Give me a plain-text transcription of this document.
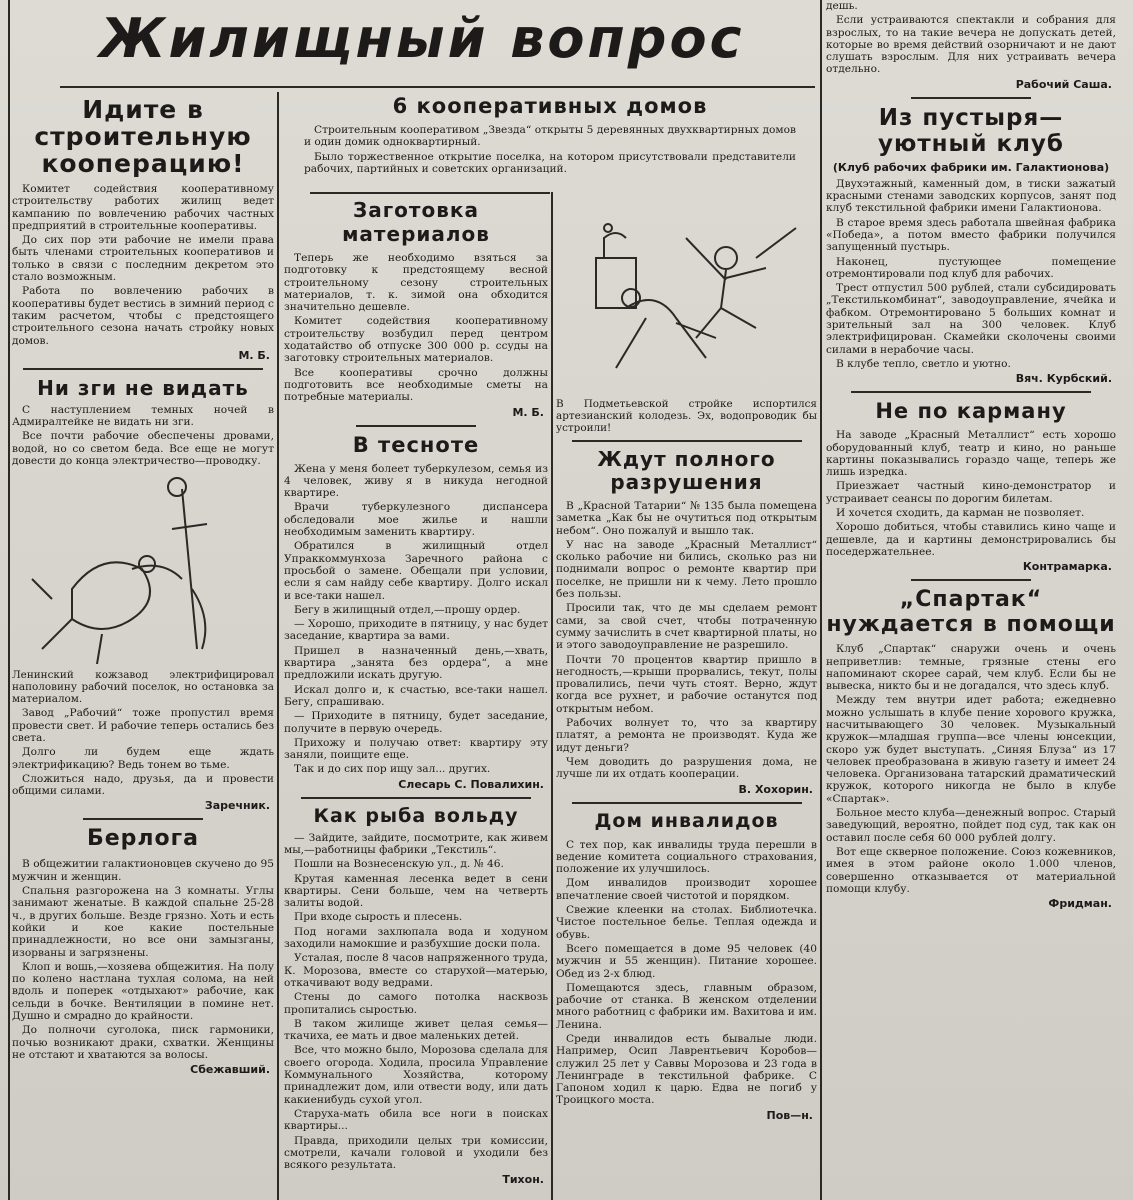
Жилищный вопрос
Идите в строительную кооперацию!

Комитет содействия кооперативному строительству работих жилищ ведет кампанию по вовлечению рабочих частных предприятий в строительные кооперативы.

До сих пор эти рабочие не имели права быть членами строительных кооперативов и только в связи с последним декретом это стало возможным.

Работа по вовлечению рабочих в кооперативы будет вестись в зимний период с таким расчетом, чтобы с предстоящего строительного сезона начать стройку новых домов.

М. Б.
Ни зги не видать

С наступлением темных ночей в Адмиралтейке не видать ни зги.

Все почти рабочие обеспечены дровами, водой, но со светом беда. Все еще не могут довести до конца электричество—проводку.

Ленинский кожзавод электрифицировал наполовину рабочий поселок, но остановка за материалом.

Завод „Рабочий“ тоже пропустил время провести свет. И рабочие теперь остались без света.

Долго ли будем еще ждать электрификацию? Ведь тонем во тьме.

Сложиться надо, друзья, да и провести общими силами.

Заречник.
Берлога

В общежитии галактионовцев скучено до 95 мужчин и женщин.

Спальня разгорожена на 3 комнаты. Углы занимают женатые. В каждой спальне 25-28 ч., в других больше. Везде грязно. Хоть и есть койки и кое какие постельные принадлежности, но все они замызганы, изорваны и загрязнены.

Клоп и вошь,—хозяева общежития. На полу по колено настлана тухлая солома, на ней вдоль и поперек «отдыхают» рабочие, как сельди в бочке. Вентиляции в помине нет. Душно и смрадно до крайности.

До полночи суголока, писк гармоники, почью возникают драки, схватки. Женщины не отстают и хватаются за волосы.

Сбежавший.
6 кооперативных домов

Строительным кооперативом „Звезда“ открыты 5 деревянных двухквартирных домов и один домик одноквартирный.

Было торжественное открытие поселка, на котором присутствовали представители рабочих, партийных и советских организаций.

Заготовка материалов

Теперь же необходимо взяться за подготовку к предстоящему весной строительному сезону строительных материалов, т. к. зимой она обходится значительно дешевле.

Комитет содействия кооперативному строительству возбудил перед центром ходатайство об отпуске 300 000 р. ссуды на заготовку строительных материалов.

Все кооперативы срочно должны подготовить все необходимые сметы на потребные материалы.

М. Б.
В тесноте

Жена у меня болеет туберкулезом, семья из 4 человек, живу я в никуда негодной квартире.

Врачи туберкулезного диспансера обследовали мое жилье и нашли необходимым заменить квартиру.

Обратился в жилищный отдел Упраккоммунхоза Заречного района с просьбой о замене. Обещали при условии, если я сам найду себе квартиру. Долго искал и все-таки нашел.

Бегу в жилищный отдел,—прошу ордер.

— Хорошо, приходите в пятницу, у нас будет заседание, квартира за вами.

Пришел в назначенный день,—хвать, квартира „занята без ордера“, а мне предложили искать другую.

Искал долго и, к счастью, все-таки нашел. Бегу, спрашиваю.

— Приходите в пятницу, будет заседание, получите в первую очередь.

Прихожу и получаю ответ: квартиру эту заняли, поищите еще.

Так и до сих пор ищу зал... других.

Слесарь С. Повалихин.
Как рыба вольду

— Зайдите, зайдите, посмотрите, как живем мы,—работницы фабрики „Текстиль“.

Пошли на Вознесенскую ул., д. № 46.

Крутая каменная лесенка ведет в сени квартиры. Сени больше, чем на четверть залиты водой.

При входе сырость и плесень.

Под ногами захлюпала вода и ходуном заходили намокшие и разбухшие доски пола.

Усталая, после 8 часов напряженного труда, К. Морозова, вместе со старухой—матерью, откачивают воду ведрами.

Стены до самого потолка насквозь пропитались сыростью.

В таком жилище живет целая семья—ткачиха, ее мать и двое маленьких детей.

Все, что можно было, Морозова сделала для своего огорода. Ходила, просила Управление Коммунального Хозяйства, которому принадлежит дом, или отвести воду, или дать какиенибудь сухой угол.

Старуха-мать обила все ноги в поисках квартиры...

Правда, приходили целых три комиссии, смотрели, качали головой и уходили без всякого результата.

Тихон.

В Подметьевской стройке испортился артезианский колодезь. Эх, водопроводик бы устроили!

Ждут полного разрушения

В „Красной Татарии“ № 135 была помещена заметка „Как бы не очутиться под открытым небом“. Оно пожалуй и вышло так.

У нас на заводе „Красный Металлист“ сколько рабочие ни бились, сколько раз ни поднимали вопрос о ремонте квартир при поселке, не пришли ни к чему. Лето прошло без пользы.

Просили так, что де мы сделаем ремонт сами, за свой счет, чтобы потраченную сумму зачислить в счет квартирной платы, но и этого заводоуправление не разрешило.

Почти 70 процентов квартир пришло в негодность,—крыши прорвались, текут, полы провалились, печи чуть стоят. Верно, ждут когда все рухнет, и рабочие останутся под открытым небом.

Рабочих волнует то, что за квартиру платят, а ремонта не производят. Куда же идут деньги?

Чем доводить до разрушения дома, не лучше ли их отдать кооперации.

В. Хохорин.
Дом инвалидов

С тех пор, как инвалиды труда перешли в ведение комитета социального страхования, положение их улучшилось.

Дом инвалидов производит хорошее впечатление своей чистотой и порядком.

Свежие клеенки на столах. Библиотечка. Чистое постельное белье. Теплая одежда и обувь.

Всего помещается в доме 95 человек (40 мужчин и 55 женщин). Питание хорошее. Обед из 2-х блюд.

Помещаются здесь, главным образом, рабочие от станка. В женском отделении много работниц с фабрики им. Вахитова и им. Ленина.

Среди инвалидов есть бывалые люди. Например, Осип Лаврентьевич Коробов—служил 25 лет у Саввы Морозова и 23 года в Ленинграде в текстильной фабрике. С Гапоном ходил к царю. Едва не погиб у Троицкого моста.

Пов—н.

дешь.

Если устраиваются спектакли и собрания для взрослых, то на такие вечера не допускать детей, которые во время действий озорничают и не дают слушать взрослым. Для них устраивать вечера отдельно.

Рабочий Саша.
Из пустыря— уютный клуб
(Клуб рабочих фабрики им. Галактионова)

Двухэтажный, каменный дом, в тиски зажатый красными стенами заводских корпусов, занят под клуб текстильной фабрики имени Галактионова.

В старое время здесь работала швейная фабрика «Победа», а потом вместо фабрики получился запущенный пустырь.

Наконец, пустующее помещение отремонтировали под клуб для рабочих.

Трест отпустил 500 рублей, стали субсидировать „Текстилькомбинат“, заводоуправление, ячейка и фабком. Отремонтировано 5 больших комнат и зрительный зал на 300 человек. Клуб электрифицирован. Скамейки сколочены своими силами в нерабочие часы.

В клубе тепло, светло и уютно.

Вяч. Курбский.
Не по карману

На заводе „Красный Металлист“ есть хорошо оборудованный клуб, театр и кино, но раньше картины показывались гораздо чаще, теперь же лишь изредка.

Приезжает частный кино-демонстратор и устраивает сеансы по дорогим билетам.

И хочется сходить, да карман не позволяет.

Хорошо добиться, чтобы ставились кино чаще и дешевле, да и картины демонстрировались бы поседержательнее.

Контрамарка.
„Спартак“ нуждается в помощи

Клуб „Спартак“ снаружи очень и очень неприветлив: темные, грязные стены его напоминают скорее сарай, чем клуб. Если бы не вывеска, никто бы и не догадался, что здесь клуб.

Между тем внутри идет работа; ежедневно можно услышать в клубе пение хорового кружка, насчитывающего 30 человек. Музыкальный кружок—младшая группа—все члены юнсекции, скоро уж будет выступать. „Синяя Блуза“ из 17 человек преобразована в живую газету и имеет 24 человека. Организована татарский драматический кружок, которого никогда не было в клубе «Спартак».

Больное место клуба—денежный вопрос. Старый заведующий, вероятно, пойдет под суд, так как он оставил после себя 60 000 рублей долгу.

Вот еще скверное положение. Союз кожевников, имея в этом районе около 1.000 членов, совершенно отказывается от материальной помощи клубу.

Фридман.
